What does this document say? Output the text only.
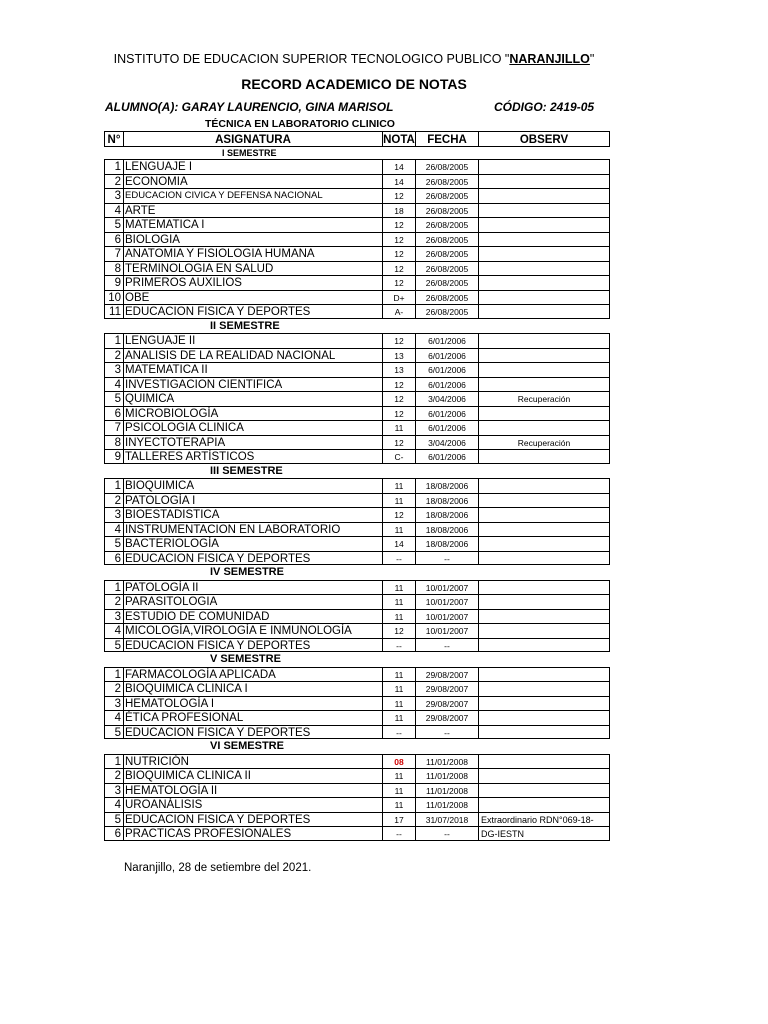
INSTITUTO DE EDUCACION SUPERIOR TECNOLOGICO PUBLICO "NARANJILLO"
RECORD ACADEMICO DE NOTAS
ALUMNO(A): GARAY LAURENCIO, GINA MARISOL	CÓDIGO: 2419-05
TÉCNICA EN LABORATORIO CLINICO
N°	ASIGNATURA	NOTA	FECHA	OBSERV
I SEMESTRE
1 LENGUAJE I	14	26/08/2005
2 ECONOMIA	14	26/08/2005
3 EDUCACION CIVICA Y DEFENSA NACIONAL	12	26/08/2005
4 ARTE	18	26/08/2005
5 MATEMATICA I	12	26/08/2005
6 BIOLOGIA	12	26/08/2005
7 ANATOMIA Y FISIOLOGIA HUMANA	12	26/08/2005
8 TERMINOLOGIA EN SALUD	12	26/08/2005
9 PRIMEROS AUXILIOS	12	26/08/2005
10 OBE	D+	26/08/2005
11 EDUCACION FISICA Y DEPORTES	A-	26/08/2005
II SEMESTRE
1 LENGUAJE II	12	6/01/2006
2 ANALISIS DE LA REALIDAD NACIONAL	13	6/01/2006
3 MATEMATICA II	13	6/01/2006
4 INVESTIGACION CIENTIFICA	12	6/01/2006
5 QUIMICA	12	3/04/2006	Recuperación
6 MICROBIOLOGÍA	12	6/01/2006
7 PSICOLOGIA CLINICA	11	6/01/2006
8 INYECTOTERAPIA	12	3/04/2006	Recuperación
9 TALLERES ARTÍSTICOS	C-	6/01/2006
III SEMESTRE
1 BIOQUIMICA	11	18/08/2006
2 PATOLOGÍA I	11	18/08/2006
3 BIOESTADISTICA	12	18/08/2006
4 INSTRUMENTACION EN LABORATORIO	11	18/08/2006
5 BACTERIOLOGÍA	14	18/08/2006
6 EDUCACION FISICA Y DEPORTES	--	--
IV SEMESTRE
1 PATOLOGÍA II	11	10/01/2007
2 PARASITOLOGIA	11	10/01/2007
3 ESTUDIO DE COMUNIDAD	11	10/01/2007
4 MICOLOGÍA,VIROLOGÍA E INMUNOLOGÍA	12	10/01/2007
5 EDUCACION FISICA Y DEPORTES	--	--
V SEMESTRE
1 FARMACOLOGÍA APLICADA	11	29/08/2007
2 BIOQUIMICA CLINICA I	11	29/08/2007
3 HEMATOLOGÍA I	11	29/08/2007
4 ÉTICA PROFESIONAL	11	29/08/2007
5 EDUCACION FISICA Y DEPORTES	--	--
VI SEMESTRE
1 NUTRICIÓN	08	11/01/2008
2 BIOQUIMICA CLINICA II	11	11/01/2008
3 HEMATOLOGÍA II	11	11/01/2008
4 UROANÁLISIS	11	11/01/2008
5 EDUCACION FISICA Y DEPORTES	17	31/07/2018	Extraordinario RDN°069-18-DG-IESTN
6 PRACTICAS PROFESIONALES	--	--
Naranjillo, 28 de setiembre del 2021.
